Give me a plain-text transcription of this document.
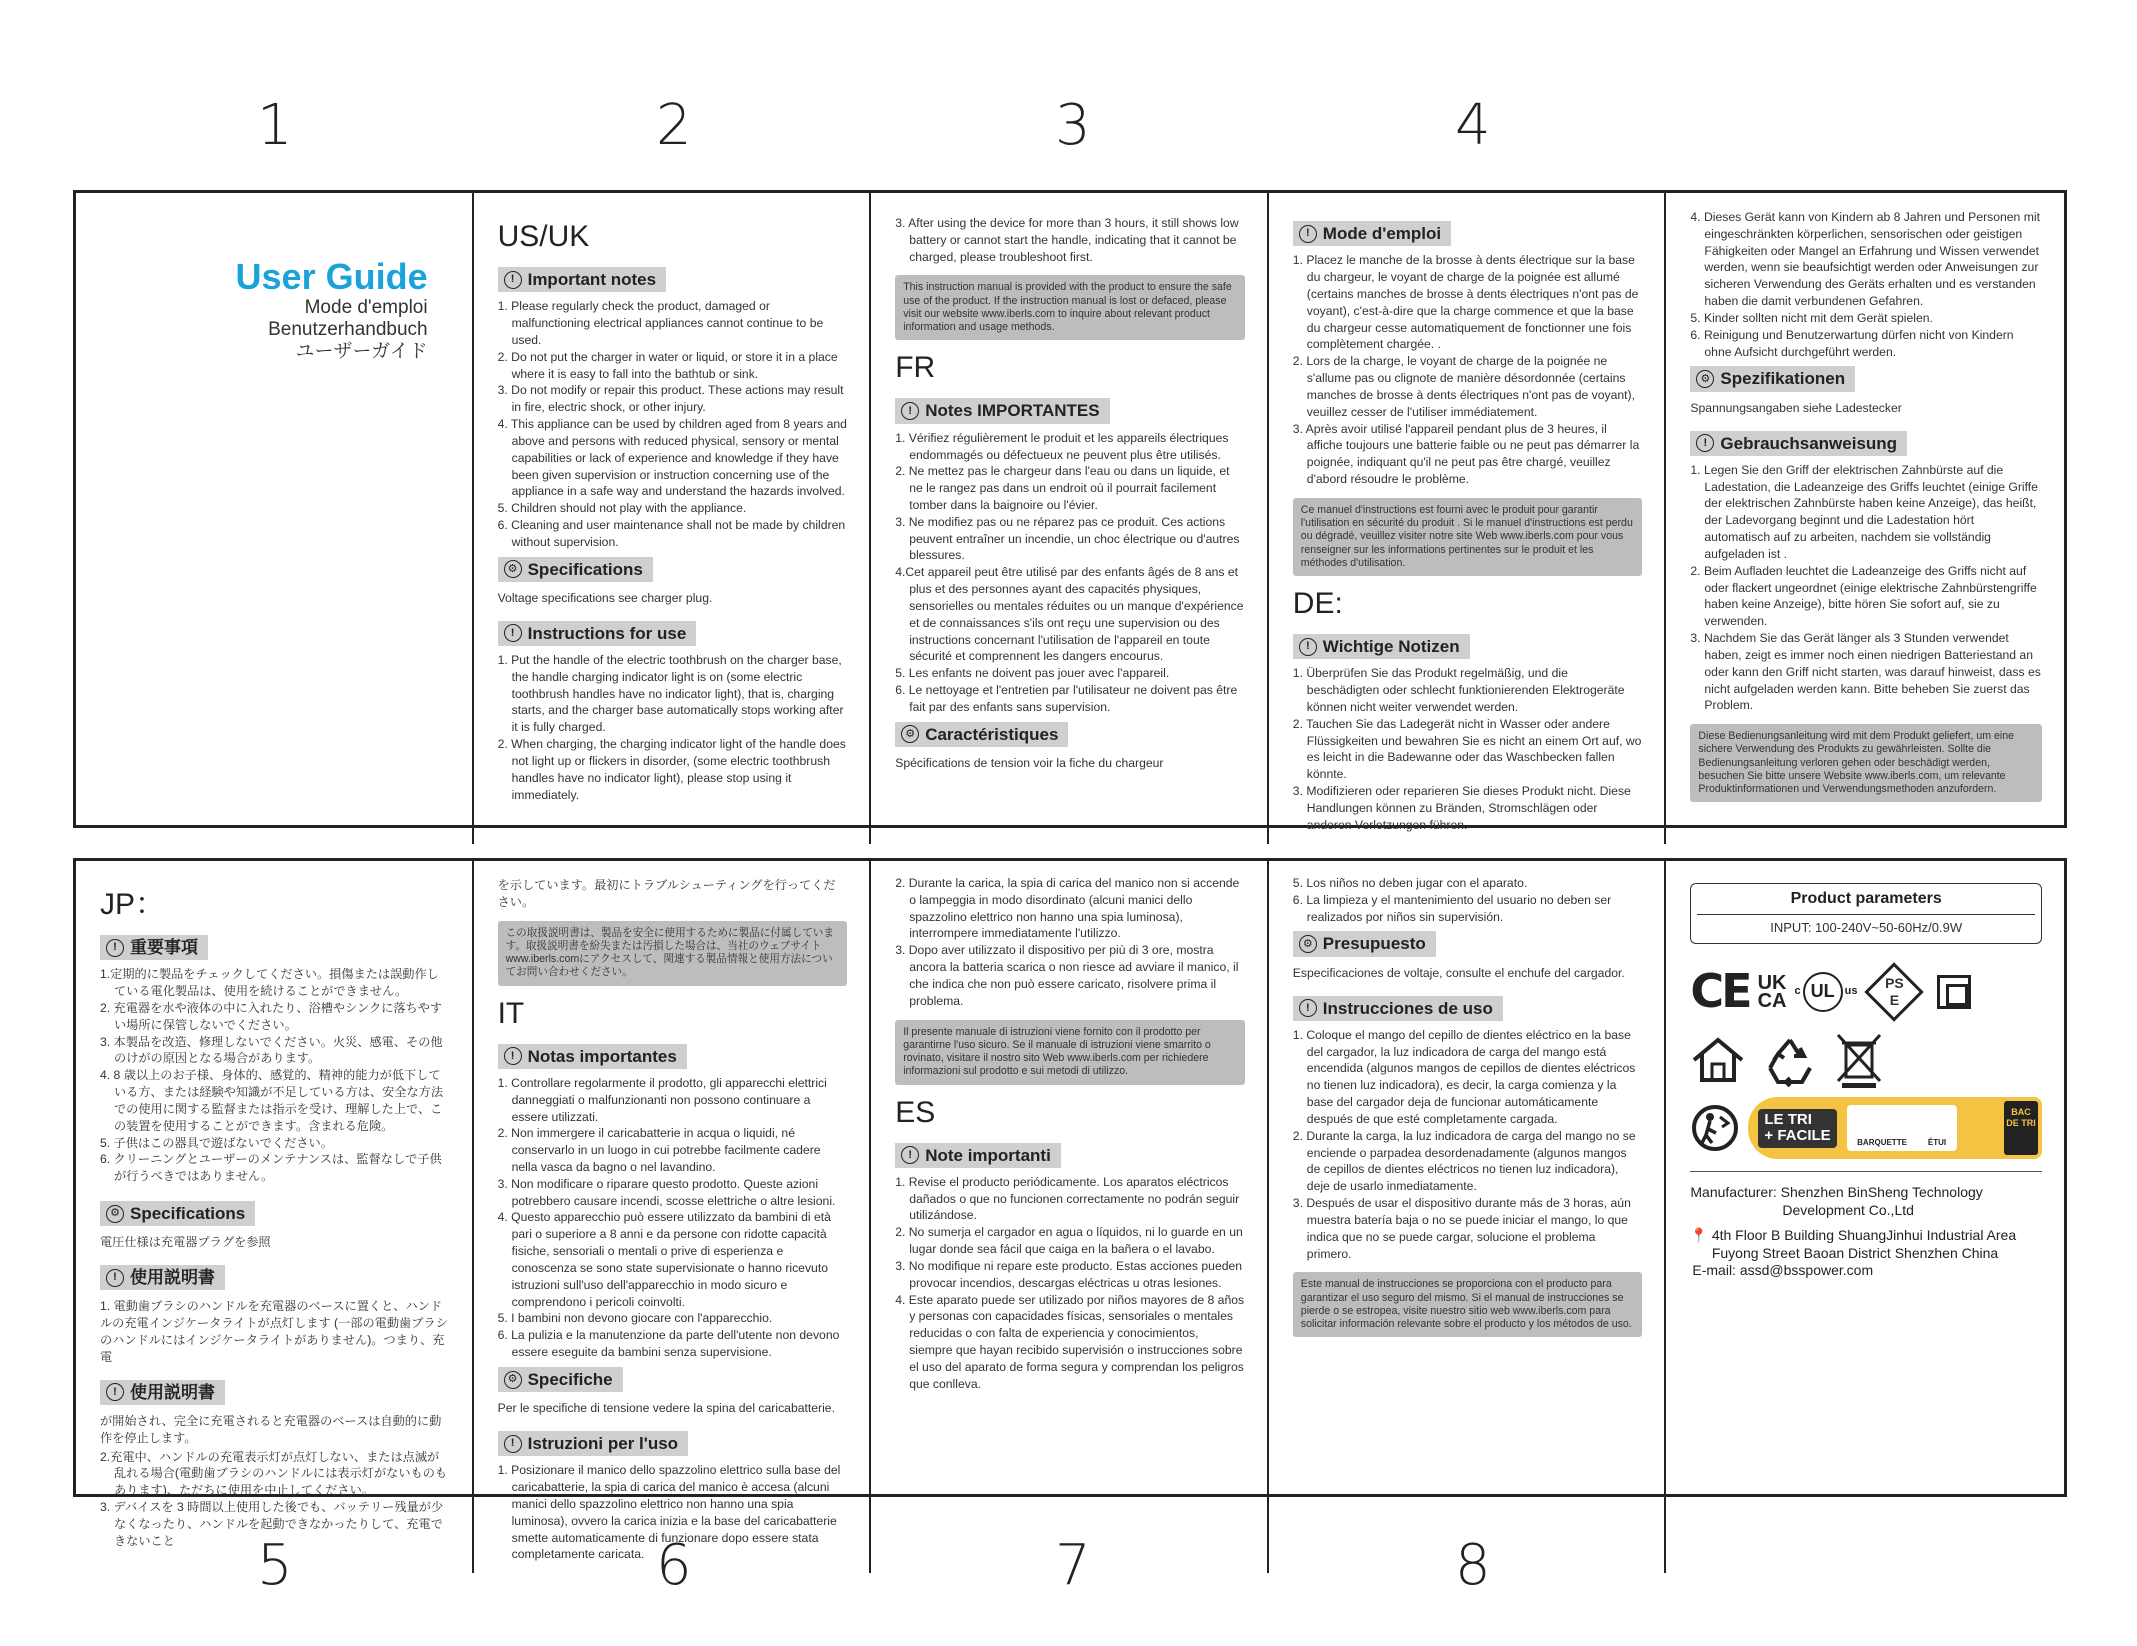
1	2	3	4
5	6	7	8
User Guide
Mode d'emploi
Benutzerhandbuch
ユーザーガイド
US/UK
! Important notes
1. Please regularly check the product, damaged or malfunctioning electrical appliances cannot continue to be used.
2. Do not put the charger in water or liquid, or store it in a place where it is easy to fall into the bathtub or sink.
3. Do not modify or repair this product. These actions may result in fire, electric shock, or other injury.
4. This appliance can be used by children aged from 8 years and above and persons with reduced physical, sensory or mental capabilities or lack of experience and knowledge if they have been given supervision or instruction concerning use of the appliance in a safe way and understand the hazards involved.
5. Children should not play with the appliance.
6. Cleaning and user maintenance shall not be made by children without supervision.
⚙ Specifications

Voltage specifications see charger plug.

! Instructions for use
1. Put the handle of the electric toothbrush on the charger base, the handle charging indicator light is on (some electric toothbrush handles have no indicator light), that is, charging starts, and the charger base automatically stops working after it is fully charged.
2. When charging, the charging indicator light of the handle does not light up or flickers in disorder, (some electric toothbrush handles have no indicator light), please stop using it immediately.
3. After using the device for more than 3 hours, it still shows low battery or cannot start the handle, indicating that it cannot be charged, please troubleshoot first.
This instruction manual is provided with the product to ensure the safe use of the product. If the instruction manual is lost or defaced, please visit our website www.iberls.com to inquire about relevant product information and usage methods.
FR
! Notes IMPORTANTES
1. Vérifiez régulièrement le produit et les appareils électriques endommagés ou défectueux ne peuvent plus être utilisés.
2. Ne mettez pas le chargeur dans l'eau ou dans un liquide, et ne le rangez pas dans un endroit où il pourrait facilement tomber dans la baignoire ou l'évier.
3. Ne modifiez pas ou ne réparez pas ce produit. Ces actions peuvent entraîner un incendie, un choc électrique ou d'autres blessures.
4.Cet appareil peut être utilisé par des enfants âgés de 8 ans et plus et des personnes ayant des capacités physiques, sensorielles ou mentales réduites ou un manque d'expérience et de connaissances s'ils ont reçu une supervision ou des instructions concernant l'utilisation de l'appareil en toute sécurité et comprennent les dangers encourus.
5. Les enfants ne doivent pas jouer avec l'appareil.
6. Le nettoyage et l'entretien par l'utilisateur ne doivent pas être fait par des enfants sans supervision.
⚙ Caractéristiques

Spécifications de tension voir la fiche du chargeur

! Mode d'emploi
1. Placez le manche de la brosse à dents électrique sur la base du chargeur, le voyant de charge de la poignée est allumé (certains manches de brosse à dents électriques n'ont pas de voyant), c'est-à-dire que la charge commence et que la base du chargeur cesse automatiquement de fonctionner une fois complètement chargée. .
2. Lors de la charge, le voyant de charge de la poignée ne s'allume pas ou clignote de manière désordonnée (certains manches de brosse à dents électriques n'ont pas de voyant), veuillez cesser de l'utiliser immédiatement.
3. Après avoir utilisé l'appareil pendant plus de 3 heures, il affiche toujours une batterie faible ou ne peut pas démarrer la poignée, indiquant qu'il ne peut pas être chargé, veuillez d'abord résoudre le problème.
Ce manuel d'instructions est fourni avec le produit pour garantir l'utilisation en sécurité du produit . Si le manuel d'instructions est perdu ou dégradé, veuillez visiter notre site Web www.iberls.com pour vous renseigner sur les informations pertinentes sur le produit et les méthodes d'utilisation.
DE:
! Wichtige Notizen
1. Überprüfen Sie das Produkt regelmäßig, und die beschädigten oder schlecht funktionierenden Elektrogeräte können nicht weiter verwendet werden.
2. Tauchen Sie das Ladegerät nicht in Wasser oder andere Flüssigkeiten und bewahren Sie es nicht an einem Ort auf, wo es leicht in die Badewanne oder das Waschbecken fallen könnte.
3. Modifizieren oder reparieren Sie dieses Produkt nicht. Diese Handlungen können zu Bränden, Stromschlägen oder anderen Verletzungen führen.
4. Dieses Gerät kann von Kindern ab 8 Jahren und Personen mit eingeschränkten körperlichen, sensorischen oder geistigen Fähigkeiten oder Mangel an Erfahrung und Wissen verwendet werden, wenn sie beaufsichtigt werden oder Anweisungen zur sicheren Verwendung des Geräts erhalten und es verstanden haben die damit verbundenen Gefahren.
5. Kinder sollten nicht mit dem Gerät spielen.
6. Reinigung und Benutzerwartung dürfen nicht von Kindern ohne Aufsicht durchgeführt werden.
⚙ Spezifikationen

Spannungsangaben siehe Ladestecker

! Gebrauchsanweisung
1. Legen Sie den Griff der elektrischen Zahnbürste auf die Ladestation, die Ladeanzeige des Griffs leuchtet (einige Griffe der elektrischen Zahnbürste haben keine Anzeige), das heißt, der Ladevorgang beginnt und die Ladestation hört automatisch auf zu arbeiten, nachdem sie vollständig aufgeladen ist .
2. Beim Aufladen leuchtet die Ladeanzeige des Griffs nicht auf oder flackert ungeordnet (einige elektrische Zahnbürstengriffe haben keine Anzeige), bitte hören Sie sofort auf, sie zu verwenden.
3. Nachdem Sie das Gerät länger als 3 Stunden verwendet haben, zeigt es immer noch einen niedrigen Batteriestand an oder kann den Griff nicht starten, was darauf hinweist, dass es nicht aufgeladen werden kann. Bitte beheben Sie zuerst das Problem.
Diese Bedienungsanleitung wird mit dem Produkt geliefert, um eine sichere Verwendung des Produkts zu gewährleisten. Sollte die Bedienungsanleitung verloren gehen oder beschädigt werden, besuchen Sie bitte unsere Website www.iberls.com, um relevante Produktinformationen und Verwendungsmethoden anzufordern.
JP：
! 重要事項
1.定期的に製品をチェックしてください。損傷または誤動作している電化製品は、使用を続けることができません。
2. 充電器を水や液体の中に入れたり、浴槽やシンクに落ちやすい場所に保管しないでください。
3. 本製品を改造、修理しないでください。火災、感電、その他のけがの原因となる場合があります。
4. 8 歳以上のお子様、身体的、感覚的、精神的能力が低下している方、または経験や知識が不足している方は、安全な方法での使用に関する監督または指示を受け、理解した上で、この装置を使用することができます。含まれる危険。
5. 子供はこの器具で遊ばないでください。
6. クリーニングとユーザーのメンテナンスは、監督なしで子供が行うべきではありません。
⚙ Specifications

電圧仕様は充電器プラグを参照

! 使用説明書

1. 電動歯ブラシのハンドルを充電器のベースに置くと、ハンドルの充電インジケータライトが点灯します (一部の電動歯ブラシのハンドルにはインジケータライトがありません)。つまり、充電

! 使用説明書

が開始され、完全に充電されると充電器のベースは自動的に動作を停止します。

2.充電中、ハンドルの充電表示灯が点灯しない、または点滅が乱れる場合(電動歯ブラシのハンドルには表示灯がないものもあります)、ただちに使用を中止してください。
3. デバイスを 3 時間以上使用した後でも、バッテリー残量が少なくなったり、ハンドルを起動できなかったりして、充電できないこと

を示しています。最初にトラブルシューティングを行ってください。

この取扱説明書は、製品を安全に使用するために製品に付属しています。取扱説明書を紛失または汚損した場合は、当社のウェブサイト www.iberls.comにアクセスして、関連する製品情報と使用方法についてお問い合わせください。
IT
! Notas importantes
1. Controllare regolarmente il prodotto, gli apparecchi elettrici danneggiati o malfunzionanti non possono continuare a essere utilizzati.
2. Non immergere il caricabatterie in acqua o liquidi, né conservarlo in un luogo in cui potrebbe facilmente cadere nella vasca da bagno o nel lavandino.
3. Non modificare o riparare questo prodotto. Queste azioni potrebbero causare incendi, scosse elettriche o altre lesioni.
4. Questo apparecchio può essere utilizzato da bambini di età pari o superiore a 8 anni e da persone con ridotte capacità fisiche, sensoriali o mentali o prive di esperienza e conoscenza se sono state supervisionate o hanno ricevuto istruzioni sull'uso dell'apparecchio in modo sicuro e comprendono i pericoli coinvolti.
5. I bambini non devono giocare con l'apparecchio.
6. La pulizia e la manutenzione da parte dell'utente non devono essere eseguite da bambini senza supervisione.
⚙ Specifiche

Per le specifiche di tensione vedere la spina del caricabatterie.

! Istruzioni per l'uso
1. Posizionare il manico dello spazzolino elettrico sulla base del caricabatterie, la spia di carica del manico è accesa (alcuni manici dello spazzolino elettrico non hanno una spia luminosa), ovvero la carica inizia e la base del caricabatterie smette automaticamente di funzionare dopo essere stata completamente caricata.
2. Durante la carica, la spia di carica del manico non si accende o lampeggia in modo disordinato (alcuni manici dello spazzolino elettrico non hanno una spia luminosa), interrompere immediatamente l'utilizzo.
3. Dopo aver utilizzato il dispositivo per più di 3 ore, mostra ancora la batteria scarica o non riesce ad avviare il manico, il che indica che non può essere caricato, risolvere prima il problema.
Il presente manuale di istruzioni viene fornito con il prodotto per garantirne l'uso sicuro. Se il manuale di istruzioni viene smarrito o rovinato, visitare il nostro sito Web www.iberls.com per richiedere informazioni sul prodotto e sui metodi di utilizzo.
ES
! Note importanti
1. Revise el producto periódicamente. Los aparatos eléctricos dañados o que no funcionen correctamente no podrán seguir utilizándose.
2. No sumerja el cargador en agua o líquidos, ni lo guarde en un lugar donde sea fácil que caiga en la bañera o el lavabo.
3. No modifique ni repare este producto. Estas acciones pueden provocar incendios, descargas eléctricas u otras lesiones.
4. Este aparato puede ser utilizado por niños mayores de 8 años y personas con capacidades físicas, sensoriales o mentales reducidas o con falta de experiencia y conocimientos, siempre que hayan recibido supervisión o instrucciones sobre el uso del aparato de forma segura y comprendan los peligros que conlleva.
5. Los niños no deben jugar con el aparato.
6. La limpieza y el mantenimiento del usuario no deben ser realizados por niños sin supervisión.
⚙ Presupuesto

Especificaciones de voltaje, consulte el enchufe del cargador.

! Instrucciones de uso
1. Coloque el mango del cepillo de dientes eléctrico en la base del cargador, la luz indicadora de carga del mango está encendida (algunos mangos de cepillos de dientes eléctricos no tienen luz indicadora), es decir, la carga comienza y la base del cargador deja de funcionar automáticamente después de que esté completamente cargada.
2. Durante la carga, la luz indicadora de carga del mango no se enciende o parpadea desordenadamente (algunos mangos de cepillos de dientes eléctricos no tienen luz indicadora), deje de usarlo inmediatamente.
3. Después de usar el dispositivo durante más de 3 horas, aún muestra batería baja o no se puede iniciar el mango, lo que indica que no se puede cargar, solucione el problema primero.
Este manual de instrucciones se proporciona con el producto para garantizar el uso seguro del mismo. Si el manual de instrucciones se pierde o se estropea, visite nuestro sitio web www.iberls.com para solicitar información relevante sobre el producto y los métodos de uso.
Product parameters
INPUT: 100-240V~50-60Hz/0.9W
CE UK
CA c UL us
PS
E
LE TRI
+ FACILE	BARQUETTE	ÉTUI
BAC DE TRI
Manufacturer: Shenzhen BinSheng Technology
Development Co.,Ltd
📍 4th Floor B Building ShuangJinhui Industrial Area
Fuyong Street Baoan District Shenzhen China
E-mail: assd@bsspower.com
